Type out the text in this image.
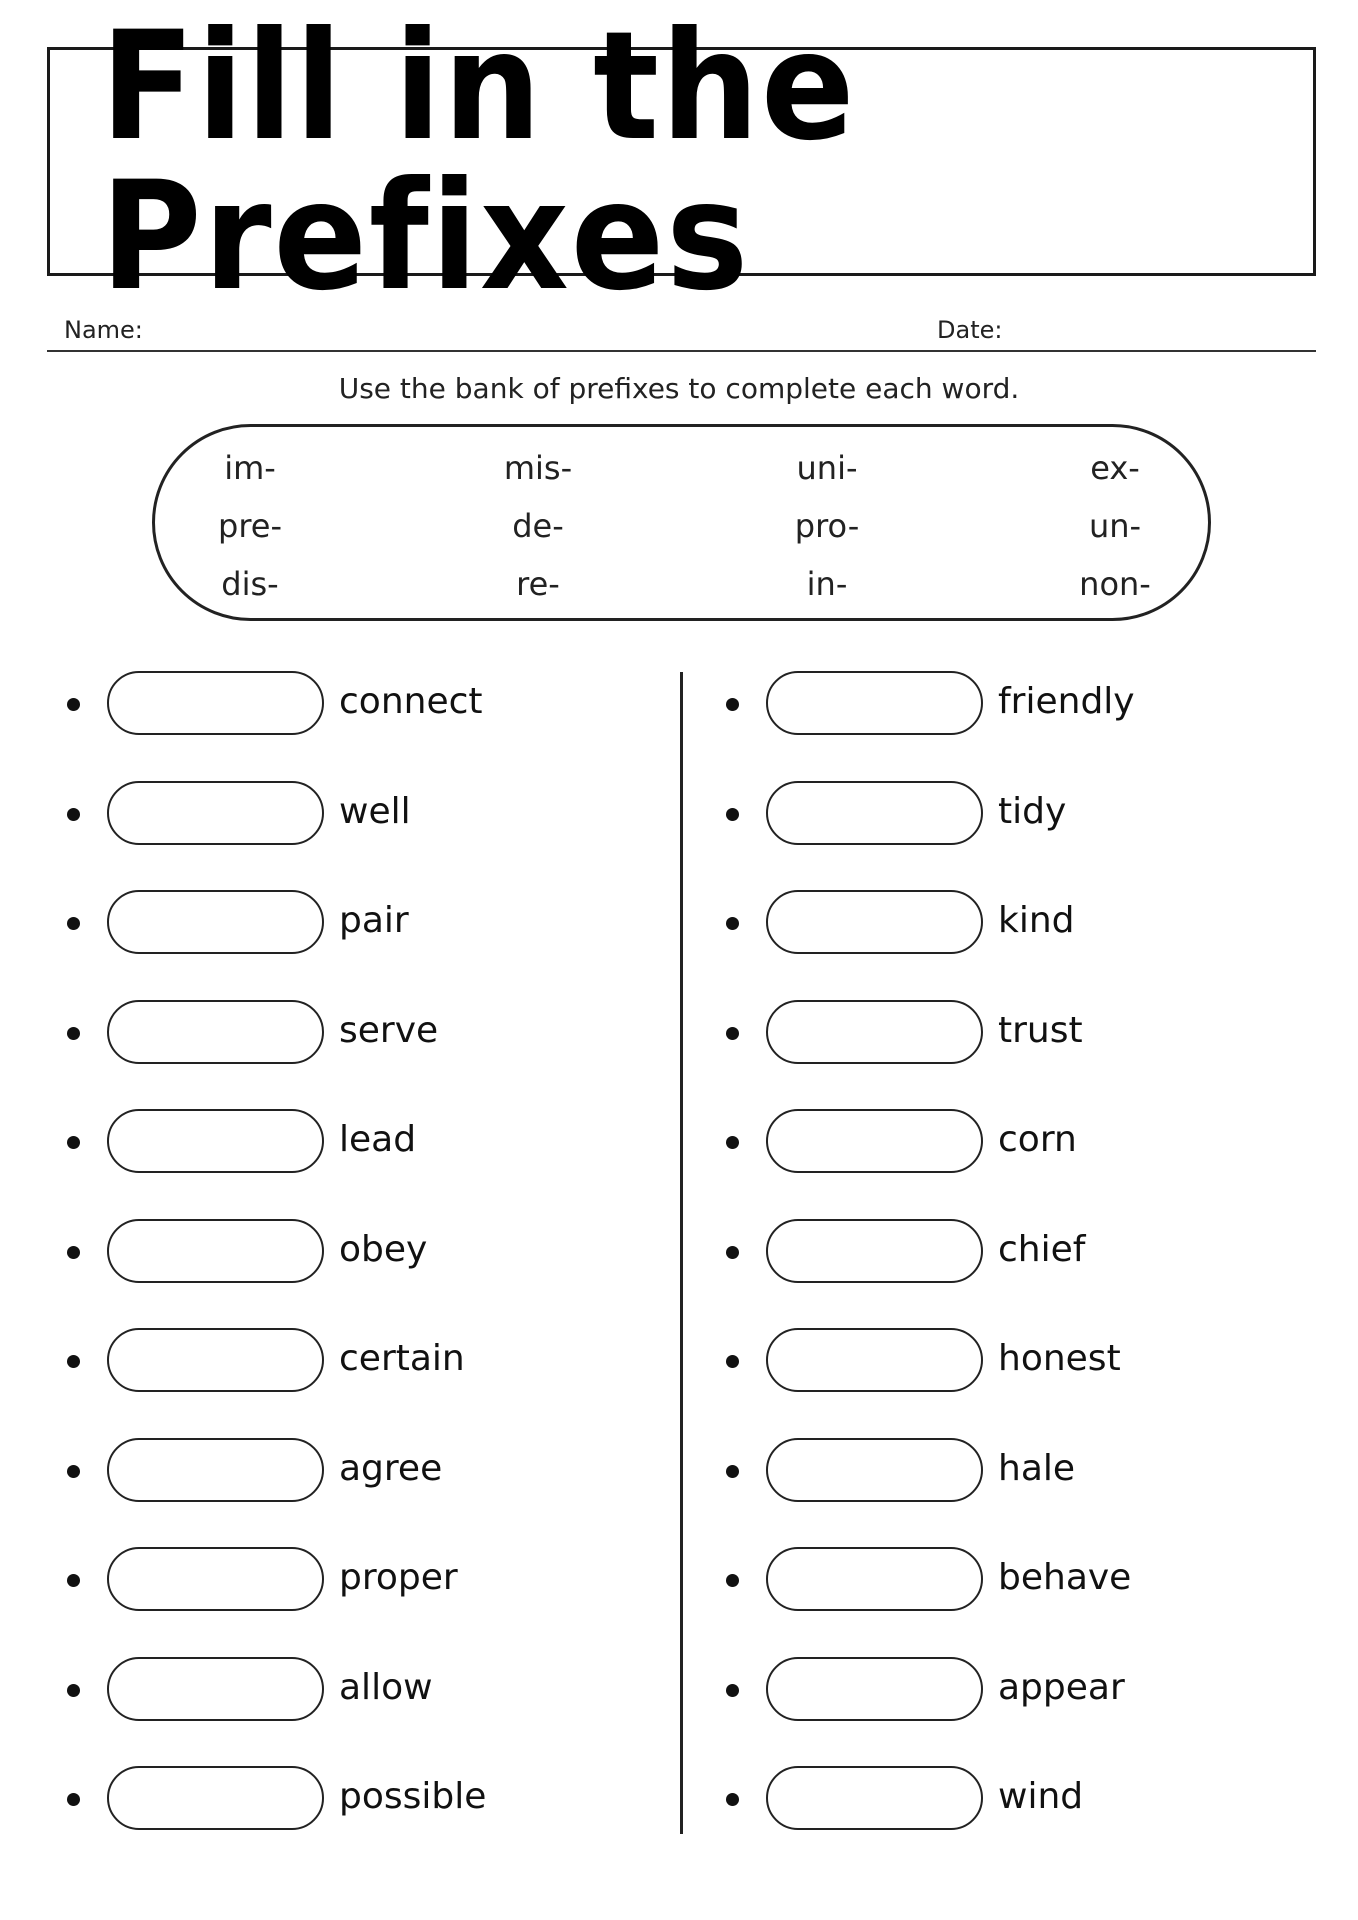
Fill in the Prefixes
Name:	Date:
Use the bank of prefixes to complete each word.
im-	mis-	uni-	ex-
pre-	de-	pro-	un-
dis-	re-	in-	non-
connect
well
pair
serve
lead
obey
certain
agree
proper
allow
possible
friendly
tidy
kind
trust
corn
chief
honest
hale
behave
appear
wind
